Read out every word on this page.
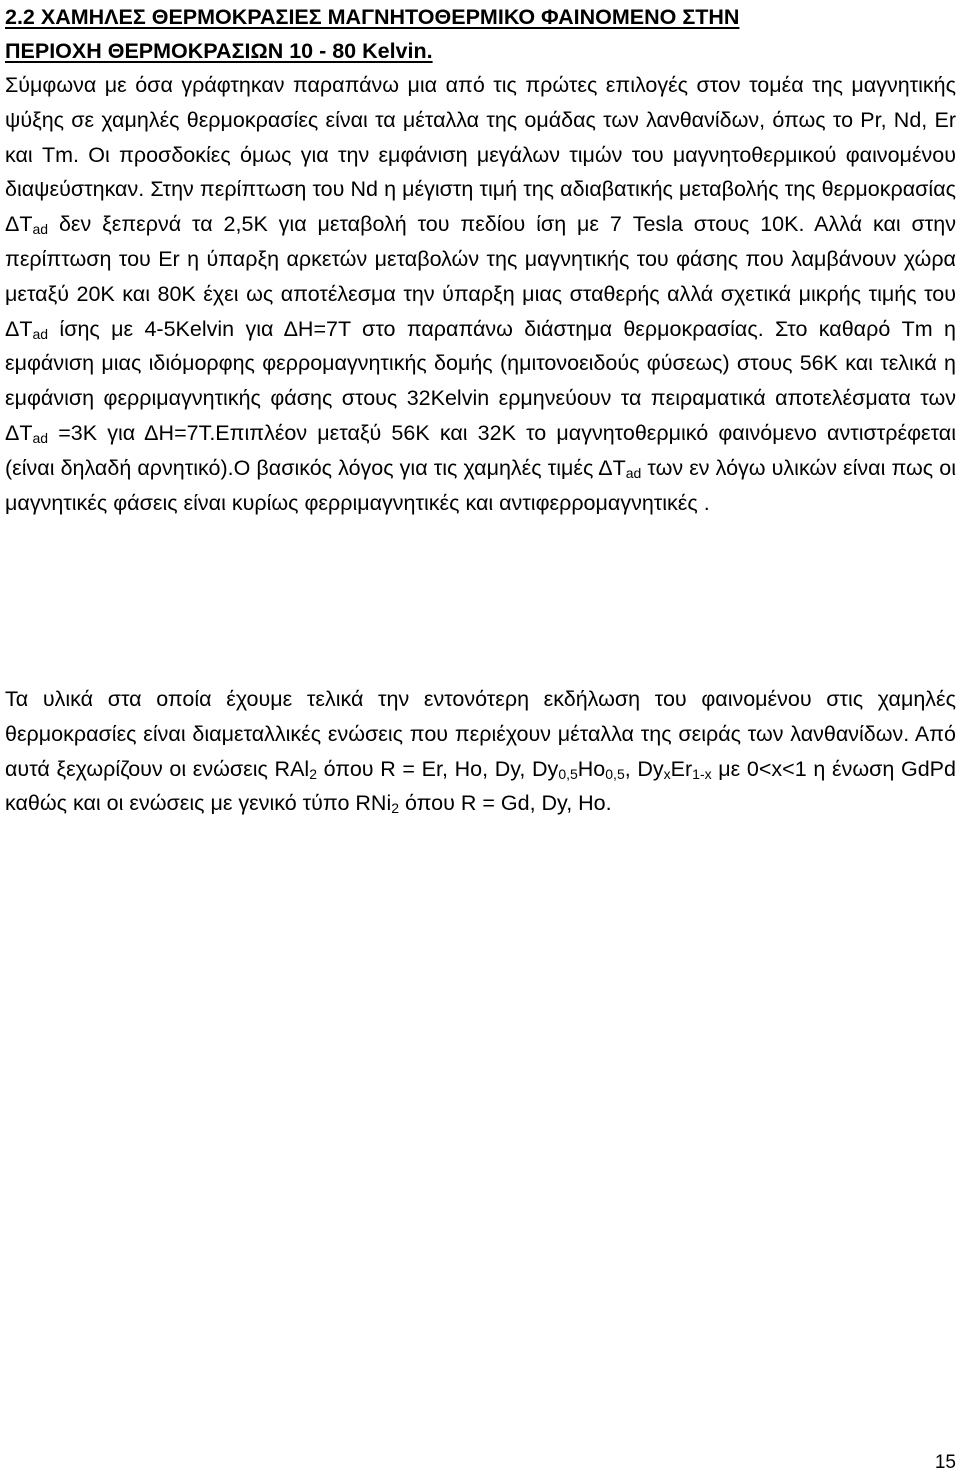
2.2 ΧΑΜΗΛΕΣ ΘΕΡΜΟΚΡΑΣΙΕΣ ΜΑΓΝΗΤΟΘΕΡΜΙΚΟ ΦΑΙΝΟΜΕΝΟ ΣΤΗΝ
ΠΕΡΙΟΧΗ ΘΕΡΜΟΚΡΑΣΙΩΝ 10 - 80 Kelvin.

Σύμφωνα με όσα γράφτηκαν παραπάνω μια από τις πρώτες επιλογές στον τομέα της μαγνητικής ψύξης σε χαμηλές θερμοκρασίες είναι τα μέταλλα της ομάδας των λανθανίδων, όπως το Pr, Nd, Er και Tm. Οι προσδοκίες όμως για την εμφάνιση μεγάλων τιμών του μαγνητοθερμικού φαινομένου διαψεύστηκαν. Στην περίπτωση του Nd η μέγιστη τιμή της αδιαβατικής μεταβολής της θερμοκρασίας $\Delta T_{ad}$ δεν ξεπερνά τα 2,5Κ για μεταβολή του πεδίου ίση με 7 Tesla στους 10Κ. Αλλά και στην περίπτωση του Er η ύπαρξη αρκετών μεταβολών της μαγνητικής του φάσης που λαμβάνουν χώρα μεταξύ 20Κ και 80Κ έχει ως αποτέλεσμα την ύπαρξη μιας σταθερής αλλά σχετικά μικρής τιμής του $\Delta T_{ad}$ ίσης με 4-5Kelvin για ΔH=7T στο παραπάνω διάστημα θερμοκρασίας. Στο καθαρό Tm η εμφάνιση μιας ιδιόμορφης φερρομαγνητικής δομής (ημιτονοειδούς φύσεως) στους 56Κ και τελικά η εμφάνιση φερριμαγνητικής φάσης στους 32Kelvin ερμηνεύουν τα πειραματικά αποτελέσματα των $\Delta T_{ad} =3K$ για ΔH=7T.Επιπλέον μεταξύ 56Κ και 32Κ το μαγνητοθερμικό φαινόμενο αντιστρέφεται (είναι δηλαδή αρνητικό).Ο βασικός λόγος για τις χαμηλές τιμές $\Delta T_{ad}$ των εν λόγω υλικών είναι πως οι μαγνητικές φάσεις είναι κυρίως φερριμαγνητικές και αντιφερρομαγνητικές .

Τα υλικά στα οποία έχουμε τελικά την εντονότερη εκδήλωση του φαινομένου στις χαμηλές θερμοκρασίες είναι διαμεταλλικές ενώσεις που περιέχουν μέταλλα της σειράς των λανθανίδων. Από αυτά ξεχωρίζουν οι ενώσεις RAl$_2$ όπου R = Er, Ho, Dy, $Dy_{0,5}Ho_{0,5}$, $Dy_xEr_{1-x}$ με 0<x<1 η ένωση GdPd καθώς και οι ενώσεις με γενικό τύπο RNi$_2$ όπου R = Gd, Dy, Ho.

15
